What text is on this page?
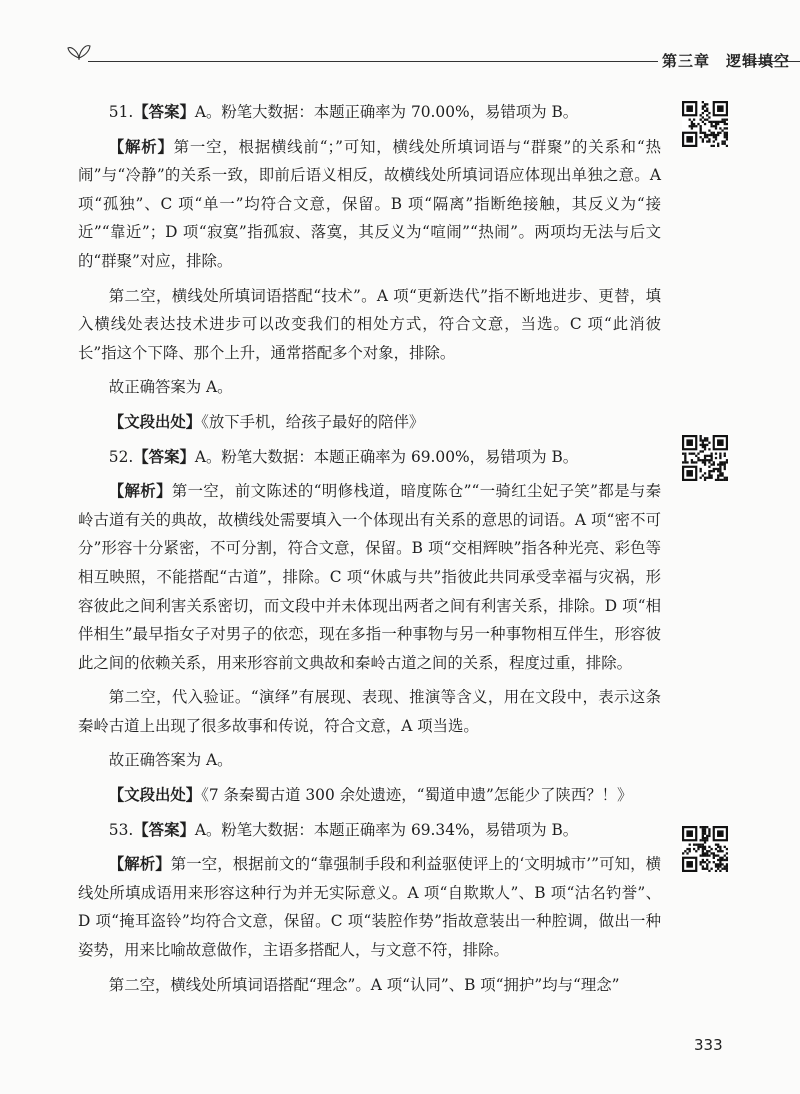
第三章 逻辑填空

51.【答案】A。粉笔大数据：本题正确率为 70.00%，易错项为 B。

【解析】第一空，根据横线前“；”可知，横线处所填词语与“群聚”的关系和“热闹”与“冷静”的关系一致，即前后语义相反，故横线处所填词语应体现出单独之意。A 项“孤独”、C 项“单一”均符合文意，保留。B 项“隔离”指断绝接触，其反义为“接近”“靠近”；D 项“寂寞”指孤寂、落寞，其反义为“喧闹”“热闹”。两项均无法与后文的“群聚”对应，排除。

第二空，横线处所填词语搭配“技术”。A 项“更新迭代”指不断地进步、更替，填入横线处表达技术进步可以改变我们的相处方式，符合文意，当选。C 项“此消彼长”指这个下降、那个上升，通常搭配多个对象，排除。

故正确答案为 A。

【文段出处】《放下手机，给孩子最好的陪伴》

52.【答案】A。粉笔大数据：本题正确率为 69.00%，易错项为 B。

【解析】第一空，前文陈述的“明修栈道，暗度陈仓”“一骑红尘妃子笑”都是与秦岭古道有关的典故，故横线处需要填入一个体现出有关系的意思的词语。A 项“密不可分”形容十分紧密，不可分割，符合文意，保留。B 项“交相辉映”指各种光亮、彩色等相互映照，不能搭配“古道”，排除。C 项“休戚与共”指彼此共同承受幸福与灾祸，形容彼此之间利害关系密切，而文段中并未体现出两者之间有利害关系，排除。D 项“相伴相生”最早指女子对男子的依恋，现在多指一种事物与另一种事物相互伴生，形容彼此之间的依赖关系，用来形容前文典故和秦岭古道之间的关系，程度过重，排除。

第二空，代入验证。“演绎”有展现、表现、推演等含义，用在文段中，表示这条秦岭古道上出现了很多故事和传说，符合文意，A 项当选。

故正确答案为 A。

【文段出处】《7 条秦蜀古道 300 余处遗迹，“蜀道申遗”怎能少了陕西？！》

53.【答案】A。粉笔大数据：本题正确率为 69.34%，易错项为 B。

【解析】第一空，根据前文的“靠强制手段和利益驱使评上的‘文明城市’”可知，横线处所填成语用来形容这种行为并无实际意义。A 项“自欺欺人”、B 项“沽名钓誉”、D 项“掩耳盗铃”均符合文意，保留。C 项“装腔作势”指故意装出一种腔调，做出一种姿势，用来比喻故意做作，主语多搭配人，与文意不符，排除。

第二空，横线处所填词语搭配“理念”。A 项“认同”、B 项“拥护”均与“理念”

333
